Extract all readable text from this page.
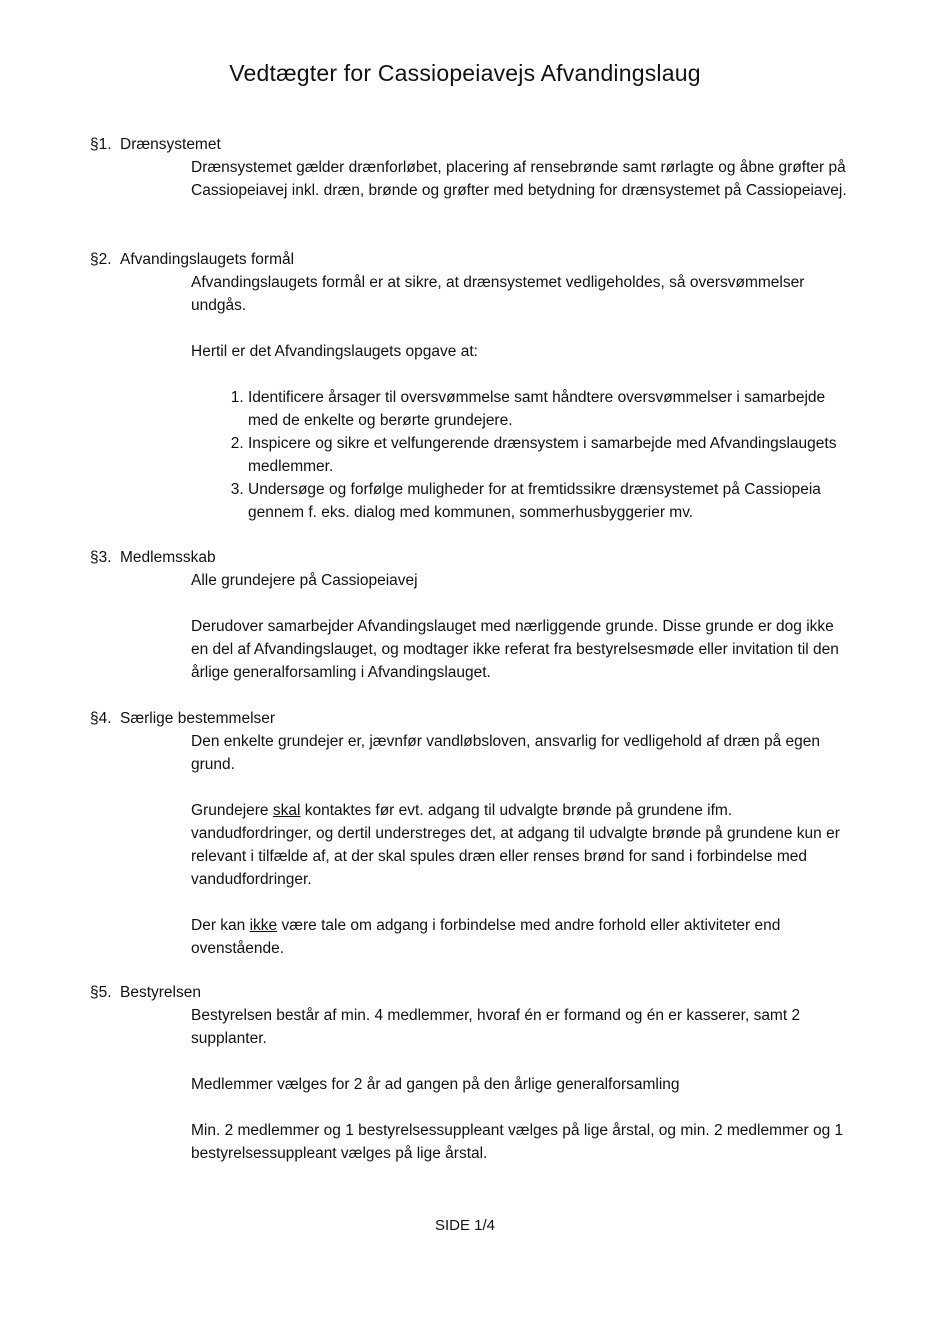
Vedtægter for Cassiopeiavejs Afvandingslaug
§1. Drænsystemet

Drænsystemet gælder drænforløbet, placering af rensebrønde samt rørlagte og åbne grøfter på Cassiopeiavej inkl. dræn, brønde og grøfter med betydning for drænsystemet på Cassiopeiavej.

§2. Afvandingslaugets formål

Afvandingslaugets formål er at sikre, at drænsystemet vedligeholdes, så oversvømmelser undgås.

Hertil er det Afvandingslaugets opgave at:

1. Identificere årsager til oversvømmelse samt håndtere oversvømmelser i samarbejde med de enkelte og berørte grundejere.
2. Inspicere og sikre et velfungerende drænsystem i samarbejde med Afvandingslaugets medlemmer.
3. Undersøge og forfølge muligheder for at fremtidssikre drænsystemet på Cassiopeia gennem f. eks. dialog med kommunen, sommerhusbyggerier mv.
§3. Medlemsskab

Alle grundejere på Cassiopeiavej

Derudover samarbejder Afvandingslauget med nærliggende grunde. Disse grunde er dog ikke en del af Afvandingslauget, og modtager ikke referat fra bestyrelsesmøde eller invitation til den årlige generalforsamling i Afvandingslauget.

§4. Særlige bestemmelser

Den enkelte grundejer er, jævnfør vandløbsloven, ansvarlig for vedligehold af dræn på egen grund.

Grundejere skal kontaktes før evt. adgang til udvalgte brønde på grundene ifm. vandudfordringer, og dertil understreges det, at adgang til udvalgte brønde på grundene kun er relevant i tilfælde af, at der skal spules dræn eller renses brønd for sand i forbindelse med vandudfordringer.

Der kan ikke være tale om adgang i forbindelse med andre forhold eller aktiviteter end ovenstående.

§5. Bestyrelsen

Bestyrelsen består af min. 4 medlemmer, hvoraf én er formand og én er kasserer, samt 2 supplanter.

Medlemmer vælges for 2 år ad gangen på den årlige generalforsamling

Min. 2 medlemmer og 1 bestyrelsessuppleant vælges på lige årstal, og min. 2 medlemmer og 1 bestyrelsessuppleant vælges på lige årstal.

SIDE 1/4
